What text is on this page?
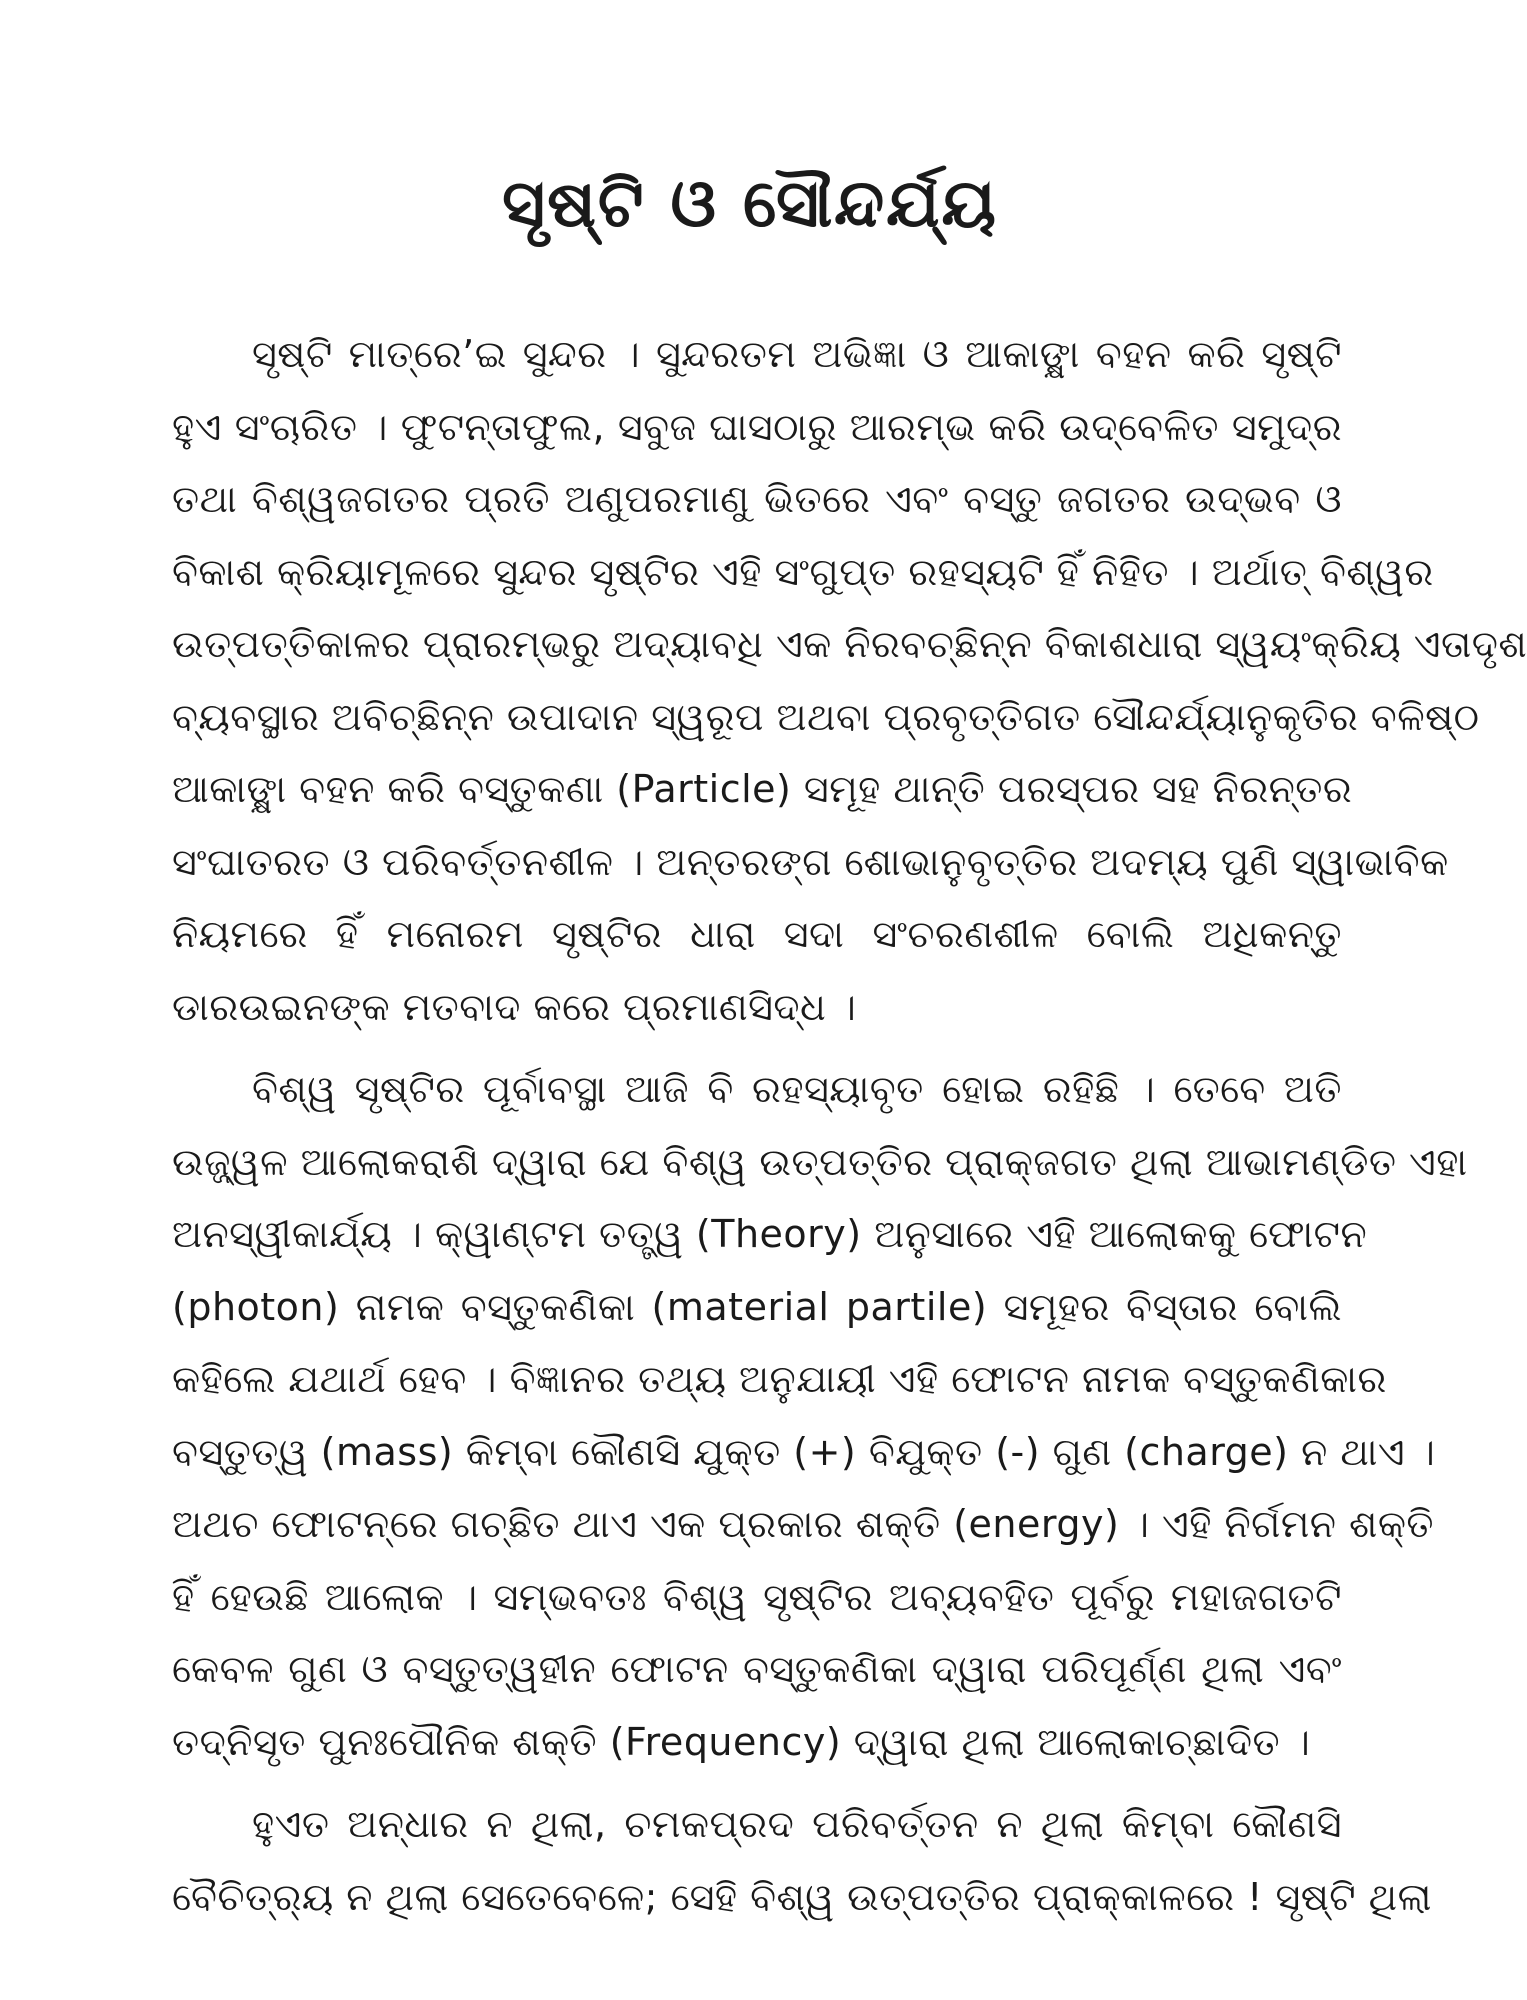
ସୃଷ୍ଟି ଓ ସୌନ୍ଦର୍ଯ୍ୟ
ସୃଷ୍ଟି ମାତ୍ରେ’ଇ ସୁନ୍ଦର । ସୁନ୍ଦରତମ ଅଭିଜ୍ଞା ଓ ଆକାଙ୍କ୍ଷା ବହନ କରି ସୃଷ୍ଟି
ହୁଏ ସଂଚାରିତ । ଫୁଟନ୍ତାଫୁଲ, ସବୁଜ ଘାସଠାରୁ ଆରମ୍ଭ କରି ଉଦ୍‌ବେଳିତ ସମୁଦ୍ର
ତଥା ବିଶ୍ୱଜଗତର ପ୍ରତି ଅଣୁପରମାଣୁ ଭିତରେ ଏବଂ ବସ୍ତୁ ଜଗତର ଉଦ୍ଭବ ଓ
ବିକାଶ କ୍ରିୟାମୂଳରେ ସୁନ୍ଦର ସୃଷ୍ଟିର ଏହି ସଂଗୁପ୍ତ ରହସ୍ୟଟି ହିଁ ନିହିତ । ଅର୍ଥାତ୍ ବିଶ୍ୱର
ଉତ୍ପତ୍ତିକାଳର ପ୍ରାରମ୍ଭରୁ ଅଦ୍ୟାବଧି ଏକ ନିରବଚ୍ଛିନ୍ନ ବିକାଶଧାରା ସ୍ୱୟଂକ୍ରିୟ ଏତାଦୃଶ
ବ୍ୟବସ୍ଥାର ଅବିଚ୍ଛିନ୍ନ ଉପାଦାନ ସ୍ୱରୂପ ଅଥବା ପ୍ରବୃତ୍ତିଗତ ସୌନ୍ଦର୍ଯ୍ୟାନୁକୃତିର ବଳିଷ୍ଠ
ଆକାଙ୍କ୍ଷା ବହନ କରି ବସ୍ତୁକଣା (Particle) ସମୂହ ଥାନ୍ତି ପରସ୍ପର ସହ ନିରନ୍ତର
ସଂଘାତରତ ଓ ପରିବର୍ତ୍ତନଶୀଳ । ଅନ୍ତରଙ୍ଗ ଶୋଭାନୁବୃତ୍ତିର ଅଦମ୍ୟ ପୁଣି ସ୍ୱାଭାବିକ
ନିୟମରେ ହିଁ ମନୋରମ ସୃଷ୍ଟିର ଧାରା ସଦା ସଂଚରଣଶୀଳ ବୋଲି ଅଧିକନ୍ତୁ
ଡାରଉଇନଙ୍କ ମତବାଦ କରେ ପ୍ରମାଣସିଦ୍ଧ ।
ବିଶ୍ୱ ସୃଷ୍ଟିର ପୂର୍ବାବସ୍ଥା ଆଜି ବି ରହସ୍ୟାବୃତ ହୋଇ ରହିଛି । ତେବେ ଅତି
ଉଜ୍ଜ୍ୱଳ ଆଲୋକରାଶି ଦ୍ୱାରା ଯେ ବିଶ୍ୱ ଉତ୍ପତ୍ତିର ପ୍ରାକ୍‌ଜଗତ ଥିଲା ଆଭାମଣ୍ଡିତ ଏହା
ଅନସ୍ୱୀକାର୍ଯ୍ୟ । କ୍ୱାଣ୍ଟମ ତତ୍ତ୍ୱ (Theory) ଅନୁସାରେ ଏହି ଆଲୋକକୁ ଫୋଟନ
(photon) ନାମକ ବସ୍ତୁକଣିକା (material partile) ସମୂହର ବିସ୍ତାର ବୋଲି
କହିଲେ ଯଥାର୍ଥ ହେବ । ବିଜ୍ଞାନର ତଥ୍ୟ ଅନୁଯାୟୀ ଏହି ଫୋଟନ ନାମକ ବସ୍ତୁକଣିକାର
ବସ୍ତୁତ୍ୱ (mass) କିମ୍ବା କୌଣସି ଯୁକ୍ତ (+) ବିଯୁକ୍ତ (-) ଗୁଣ (charge) ନ ଥାଏ ।
ଅଥଚ ଫୋଟନ୍‌ରେ ଗଚ୍ଛିତ ଥାଏ ଏକ ପ୍ରକାର ଶକ୍ତି (energy) । ଏହି ନିର୍ଗମନ ଶକ୍ତି
ହିଁ ହେଉଛି ଆଲୋକ । ସମ୍ଭବତଃ ବିଶ୍ୱ ସୃଷ୍ଟିର ଅବ୍ୟବହିତ ପୂର୍ବରୁ ମହାଜଗତଟି
କେବଳ ଗୁଣ ଓ ବସ୍ତୁତ୍ୱହୀନ ଫୋଟନ ବସ୍ତୁକଣିକା ଦ୍ୱାରା ପରିପୂର୍ଣ୍ଣ ଥିଲା ଏବଂ
ତଦ୍‌ନିସୃତ ପୁନଃପୌନିକ ଶକ୍ତି (Frequency) ଦ୍ୱାରା ଥିଲା ଆଲୋକାଚ୍ଛାଦିତ ।
ହୁଏତ ଅନ୍ଧାର ନ ଥିଲା, ଚମକପ୍ରଦ ପରିବର୍ତ୍ତନ ନ ଥିଲା କିମ୍ବା କୌଣସି
ବୈଚିତ୍ର୍ୟ ନ ଥିଲା ସେତେବେଳେ; ସେହି ବିଶ୍ୱ ଉତ୍ପତ୍ତିର ପ୍ରାକ୍‌କାଳରେ ! ସୃଷ୍ଟି ଥିଲା
